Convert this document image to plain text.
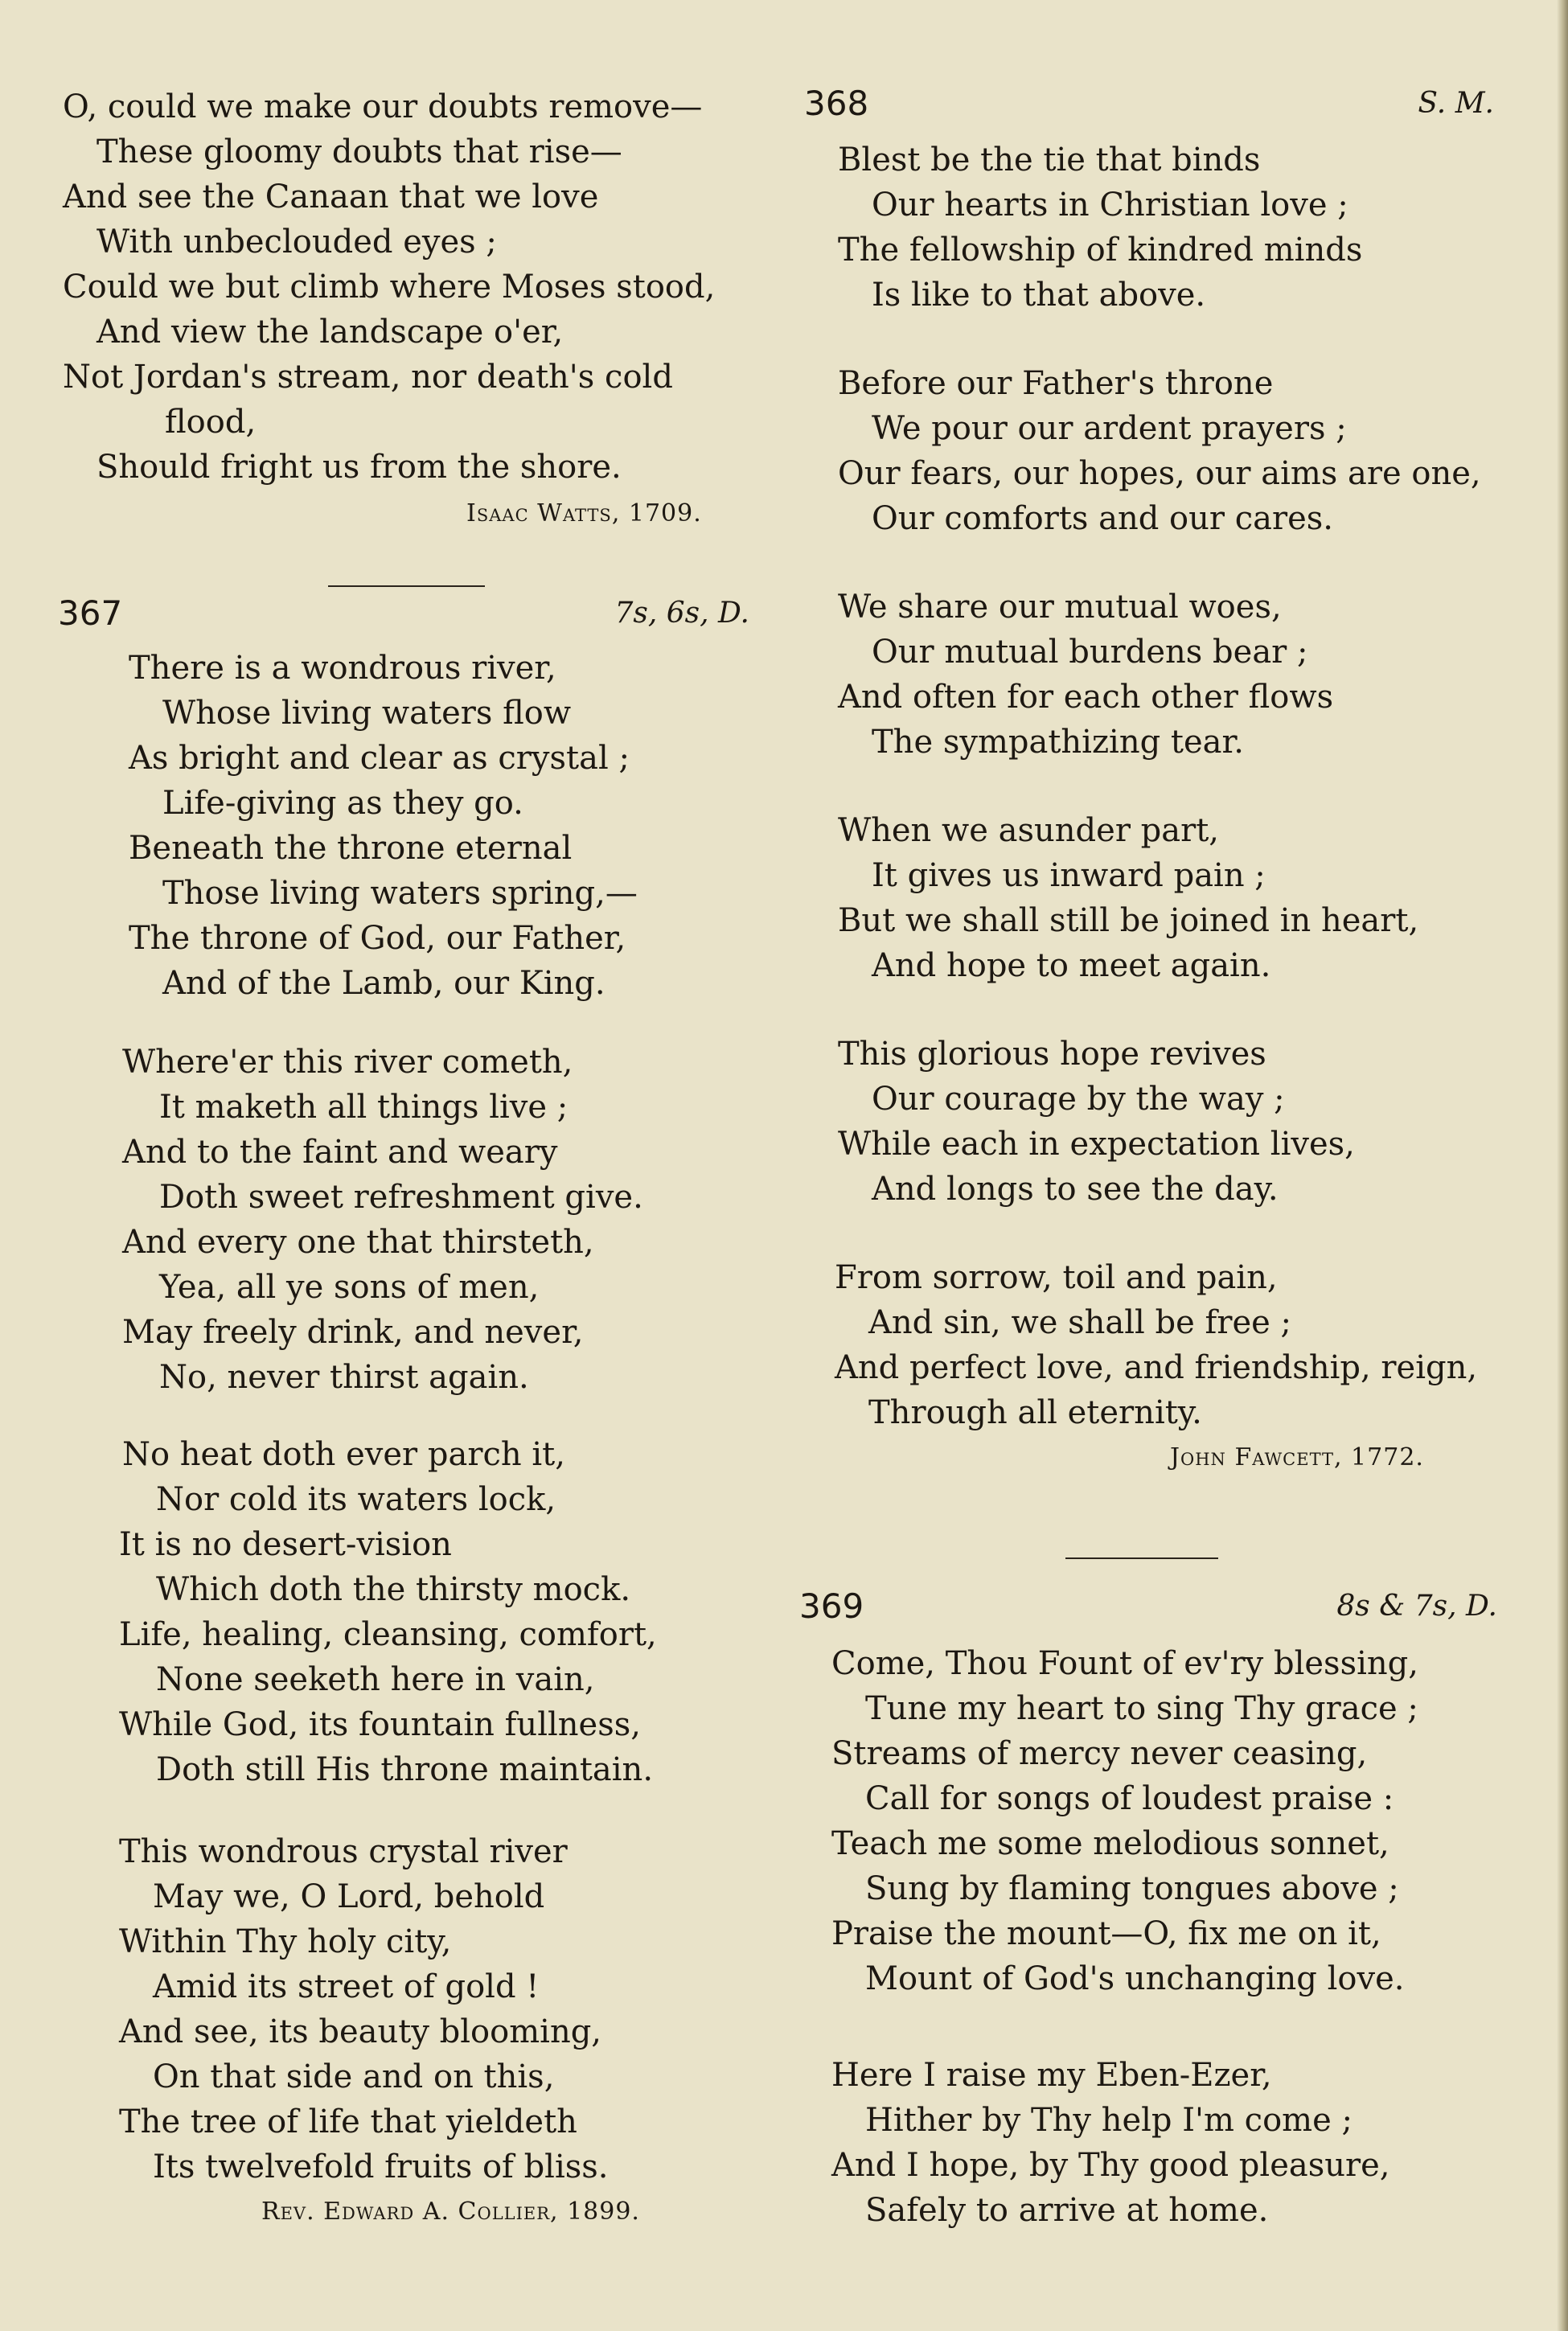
O, could we make our doubts remove—
These gloomy doubts that rise—
And see the Canaan that we love
With unbeclouded eyes ;
Could we but climb where Moses stood,
And view the landscape o'er,
Not Jordan's stream, nor death's cold
flood,
Should fright us from the shore.
Isaac Watts, 1709.
367	7s, 6s, D.
There is a wondrous river,
Whose living waters flow
As bright and clear as crystal ;
Life-giving as they go.
Beneath the throne eternal
Those living waters spring,—
The throne of God, our Father,
And of the Lamb, our King.
Where'er this river cometh,
It maketh all things live ;
And to the faint and weary
Doth sweet refreshment give.
And every one that thirsteth,
Yea, all ye sons of men,
May freely drink, and never,
No, never thirst again.
No heat doth ever parch it,
Nor cold its waters lock,
It is no desert-vision
Which doth the thirsty mock.
Life, healing, cleansing, comfort,
None seeketh here in vain,
While God, its fountain fullness,
Doth still His throne maintain.
This wondrous crystal river
May we, O Lord, behold
Within Thy holy city,
Amid its street of gold !
And see, its beauty blooming,
On that side and on this,
The tree of life that yieldeth
Its twelvefold fruits of bliss.
Rev. Edward A. Collier, 1899.
368	S. M.
Blest be the tie that binds
Our hearts in Christian love ;
The fellowship of kindred minds
Is like to that above.
Before our Father's throne
We pour our ardent prayers ;
Our fears, our hopes, our aims are one,
Our comforts and our cares.
We share our mutual woes,
Our mutual burdens bear ;
And often for each other flows
The sympathizing tear.
When we asunder part,
It gives us inward pain ;
But we shall still be joined in heart,
And hope to meet again.
This glorious hope revives
Our courage by the way ;
While each in expectation lives,
And longs to see the day.
From sorrow, toil and pain,
And sin, we shall be free ;
And perfect love, and friendship, reign,
Through all eternity.
John Fawcett, 1772.
369	8s & 7s, D.
Come, Thou Fount of ev'ry blessing,
Tune my heart to sing Thy grace ;
Streams of mercy never ceasing,
Call for songs of loudest praise :
Teach me some melodious sonnet,
Sung by flaming tongues above ;
Praise the mount—O, fix me on it,
Mount of God's unchanging love.
Here I raise my Eben-Ezer,
Hither by Thy help I'm come ;
And I hope, by Thy good pleasure,
Safely to arrive at home.
